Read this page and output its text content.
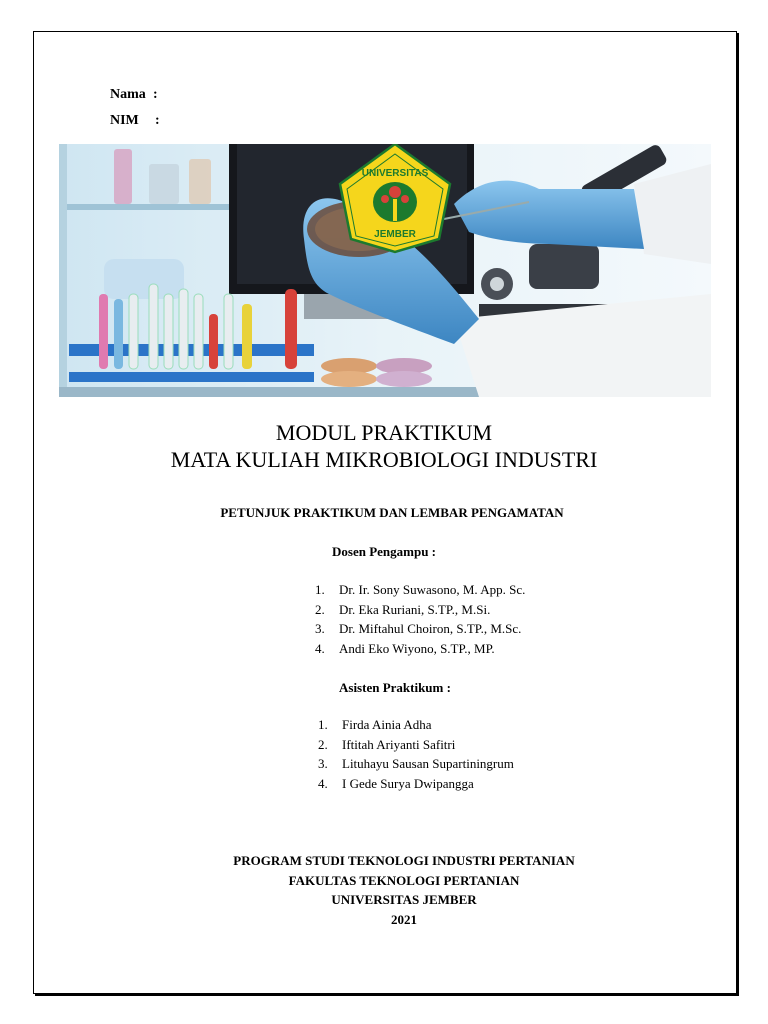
Nama :
NIM :
UNIVERSITAS
JEMBER
MODUL PRAKTIKUM
MATA KULIAH MIKROBIOLOGI INDUSTRI
PETUNJUK PRAKTIKUM DAN LEMBAR PENGAMATAN
Dosen Pengampu :
1. Dr. Ir. Sony Suwasono, M. App. Sc.
2. Dr. Eka Ruriani, S.TP., M.Si.
3. Dr. Miftahul Choiron, S.TP., M.Sc.
4. Andi Eko Wiyono, S.TP., MP.
Asisten Praktikum :
1. Firda Ainia Adha
2. Iftitah Ariyanti Safitri
3. Lituhayu Sausan Supartiningrum
4. I Gede Surya Dwipangga
PROGRAM STUDI TEKNOLOGI INDUSTRI PERTANIAN
FAKULTAS TEKNOLOGI PERTANIAN
UNIVERSITAS JEMBER
2021
